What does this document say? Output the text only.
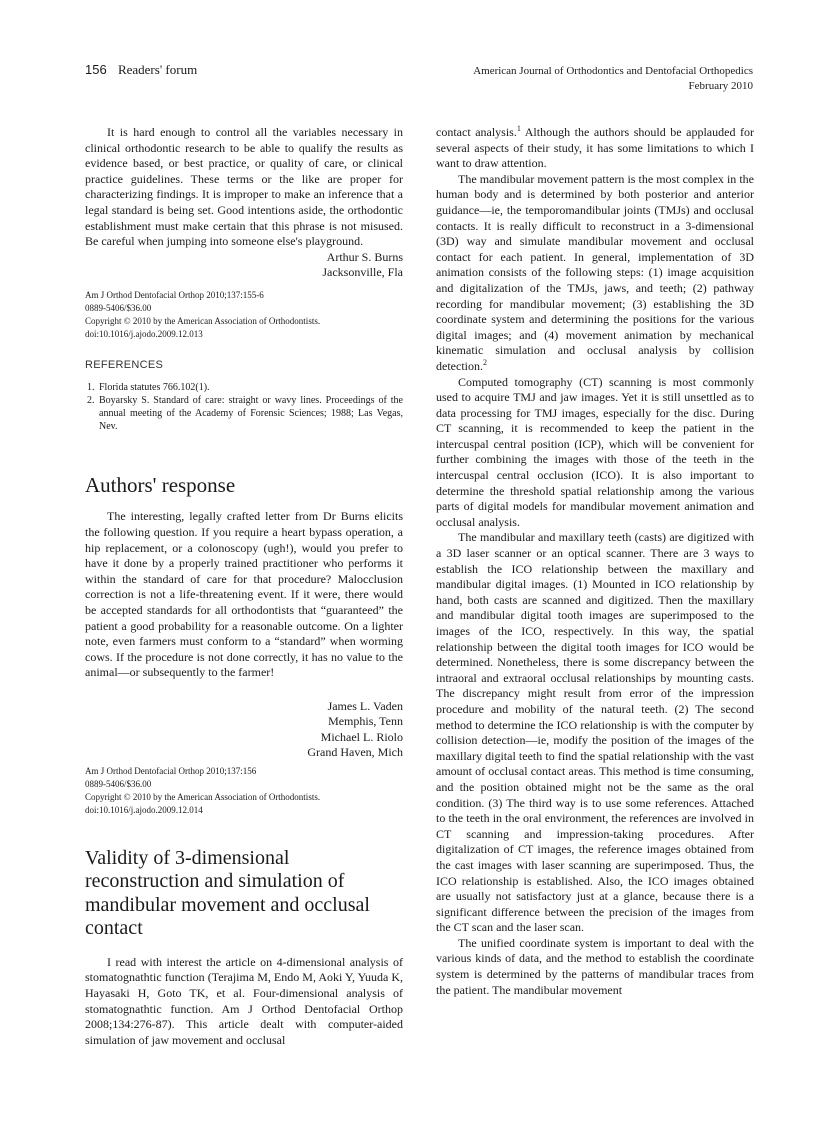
156 Readers' forum	American Journal of Orthodontics and Dentofacial Orthopedics
February 2010

It is hard enough to control all the variables necessary in clinical orthodontic research to be able to qualify the results as evidence based, or best practice, or quality of care, or clinical practice guidelines. These terms or the like are proper for characterizing findings. It is improper to make an inference that a legal standard is being set. Good intentions aside, the orthodontic establishment must make certain that this phrase is not misused. Be careful when jumping into someone else's playground.

Arthur S. Burns
Jacksonville, Fla
Am J Orthod Dentofacial Orthop 2010;137:155-6
0889-5406/$36.00
Copyright © 2010 by the American Association of Orthodontists.
doi:10.1016/j.ajodo.2009.12.013
REFERENCES
1. Florida statutes 766.102(1).
2. Boyarsky S. Standard of care: straight or wavy lines. Proceedings of the annual meeting of the Academy of Forensic Sciences; 1988; Las Vegas, Nev.
Authors' response

The interesting, legally crafted letter from Dr Burns elicits the following question. If you require a heart bypass operation, a hip replacement, or a colonoscopy (ugh!), would you prefer to have it done by a properly trained practitioner who performs it within the standard of care for that procedure? Malocclusion correction is not a life-threatening event. If it were, there would be accepted standards for all orthodontists that “guaranteed” the patient a good probability for a reasonable outcome. On a lighter note, even farmers must conform to a “standard” when worming cows. If the procedure is not done correctly, it has no value to the animal—or subsequently to the farmer!

James L. Vaden
Memphis, Tenn
Michael L. Riolo
Grand Haven, Mich
Am J Orthod Dentofacial Orthop 2010;137:156
0889-5406/$36.00
Copyright © 2010 by the American Association of Orthodontists.
doi:10.1016/j.ajodo.2009.12.014
Validity of 3-dimensional reconstruction and simulation of mandibular movement and occlusal contact

I read with interest the article on 4-dimensional analysis of stomatognathtic function (Terajima M, Endo M, Aoki Y, Yuuda K, Hayasaki H, Goto TK, et al. Four-dimensional analysis of stomatognathtic function. Am J Orthod Dentofacial Orthop 2008;134:276-87). This article dealt with computer-aided simulation of jaw movement and occlusal

contact analysis.$^1$ Although the authors should be applauded for several aspects of their study, it has some limitations to which I want to draw attention.

The mandibular movement pattern is the most complex in the human body and is determined by both posterior and anterior guidance—ie, the temporomandibular joints (TMJs) and occlusal contacts. It is really difficult to reconstruct in a 3-dimensional (3D) way and simulate mandibular movement and occlusal contact for each patient. In general, implementation of 3D animation consists of the following steps: (1) image acquisition and digitalization of the TMJs, jaws, and teeth; (2) pathway recording for mandibular movement; (3) establishing the 3D coordinate system and determining the positions for the various digital images; and (4) movement animation by mechanical kinematic simulation and occlusal analysis by collision detection.$^2$

Computed tomography (CT) scanning is most commonly used to acquire TMJ and jaw images. Yet it is still unsettled as to data processing for TMJ images, especially for the disc. During CT scanning, it is recommended to keep the patient in the intercuspal central position (ICP), which will be convenient for further combining the images with those of the teeth in the intercuspal central occlusion (ICO). It is also important to determine the threshold spatial relationship among the various parts of digital models for mandibular movement animation and occlusal analysis.

The mandibular and maxillary teeth (casts) are digitized with a 3D laser scanner or an optical scanner. There are 3 ways to establish the ICO relationship between the maxillary and mandibular digital images. (1) Mounted in ICO relationship by hand, both casts are scanned and digitized. Then the maxillary and mandibular digital tooth images are superimposed to the images of the ICO, respectively. In this way, the spatial relationship between the digital tooth images for ICO would be determined. Nonetheless, there is some discrepancy between the intraoral and extraoral occlusal relationships by mounting casts. The discrepancy might result from error of the impression procedure and mobility of the natural teeth. (2) The second method to determine the ICO relationship is with the computer by collision detection—ie, modify the position of the images of the maxillary digital teeth to find the spatial relationship with the vast amount of occlusal contact areas. This method is time consuming, and the position obtained might not be the same as the oral condition. (3) The third way is to use some references. Attached to the teeth in the oral environment, the references are involved in CT scanning and impression-taking procedures. After digitalization of CT images, the reference images obtained from the cast images with laser scanning are superimposed. Thus, the ICO relationship is established. Also, the ICO images obtained are usually not satisfactory just at a glance, because there is a significant difference between the precision of the images from the CT scan and the laser scan.

The unified coordinate system is important to deal with the various kinds of data, and the method to establish the coordinate system is determined by the patterns of mandibular traces from the patient. The mandibular movement
